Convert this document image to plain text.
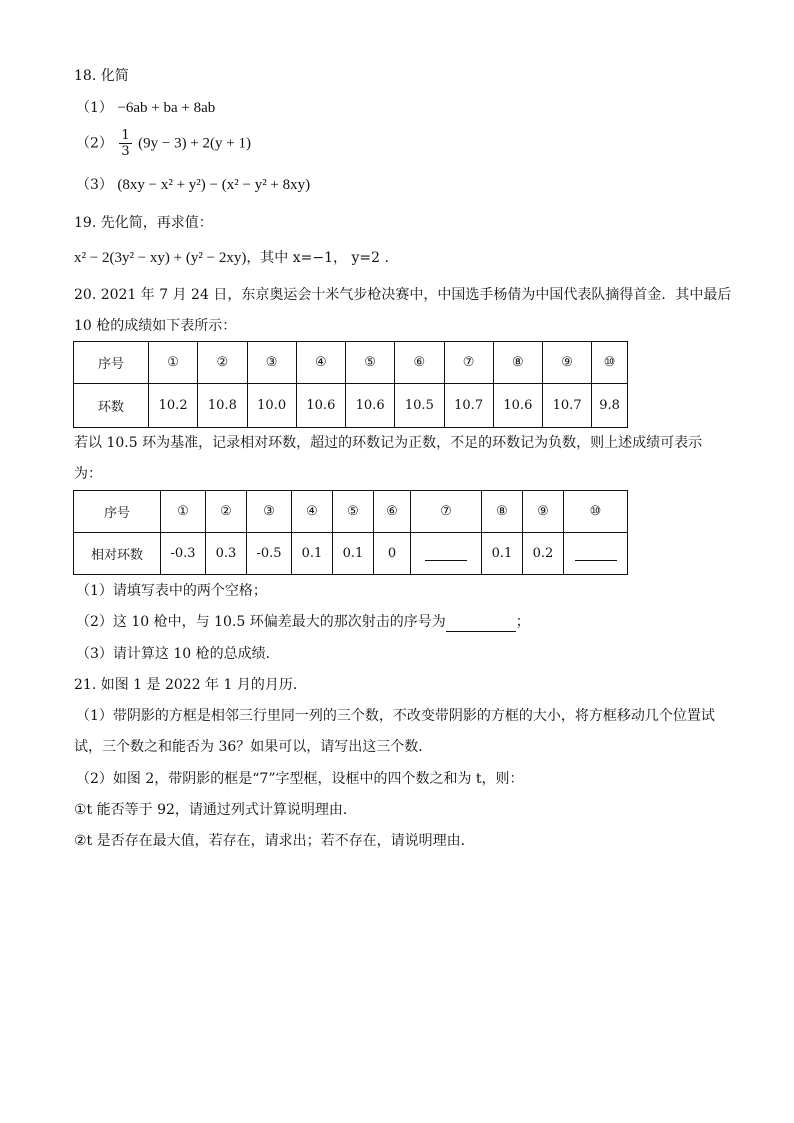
18. 化简
（1） −6ab + ba + 8ab
$(2) \frac{1}{3} (9y - 3) + 2(y + 1)$
（3） (8xy − x² + y²) − (x² − y² + 8xy)
19. 先化简，再求值：
x² − 2(3y² − xy) + (y² − 2xy)，其中 x=−1， y=2 .
20. 2021 年 7 月 24 日，东京奥运会十米气步枪决赛中，中国选手杨倩为中国代表队摘得首金．其中最后
10 枪的成绩如下表所示：
序号	①	②	③	④	⑤	⑥	⑦	⑧	⑨	⑩
环数	10.2	10.8	10.0	10.6	10.6	10.5	10.7	10.6	10.7	9.8
若以 10.5 环为基准，记录相对环数，超过的环数记为正数，不足的环数记为负数，则上述成绩可表示
为：
序号	①	②	③	④	⑤	⑥	⑦	⑧	⑨	⑩
相对环数	-0.3	0.3	-0.5	0.1	0.1	0		0.1	0.2	
（1）请填写表中的两个空格；
（2）这 10 枪中，与 10.5 环偏差最大的那次射击的序号为	；
（3）请计算这 10 枪的总成绩．
21. 如图 1 是 2022 年 1 月的月历．
（1）带阴影的方框是相邻三行里同一列的三个数，不改变带阴影的方框的大小，将方框移动几个位置试
试，三个数之和能否为 36？如果可以，请写出这三个数．
（2）如图 2，带阴影的框是“7”字型框，设框中的四个数之和为 t，则：
①t 能否等于 92，请通过列式计算说明理由．
②t 是否存在最大值，若存在，请求出；若不存在，请说明理由．
